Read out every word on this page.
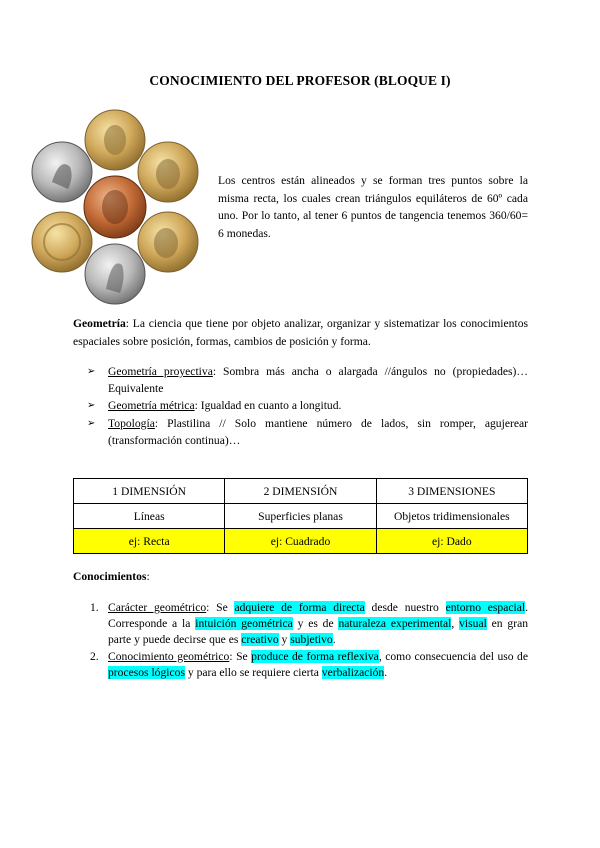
CONOCIMIENTO DEL PROFESOR (BLOQUE I)
Los centros están alineados y se forman tres puntos sobre la misma recta, los cuales crean triángulos equiláteros de 60º cada uno. Por lo tanto, al tener 6 puntos de tangencia tenemos 360/60= 6 monedas.
Geometría: La ciencia que tiene por objeto analizar, organizar y sistematizar los conocimientos espaciales sobre posición, formas, cambios de posición y forma.
➢ Geometría proyectiva: Sombra más ancha o alargada //ángulos no (propiedades)… Equivalente
➢ Geometría métrica: Igualdad en cuanto a longitud.
➢ Topología: Plastilina // Solo mantiene número de lados, sin romper, agujerear (transformación continua)…
1 DIMENSIÓN	2 DIMENSIÓN	3 DIMENSIONES
Líneas	Superficies planas	Objetos tridimensionales
ej: Recta	ej: Cuadrado	ej: Dado
Conocimientos:
1. Carácter geométrico: Se adquiere de forma directa desde nuestro entorno espacial. Corresponde a la intuición geométrica y es de naturaleza experimental, visual en gran parte y puede decirse que es creativo y subjetivo.
2. Conocimiento geométrico: Se produce de forma reflexiva, como consecuencia del uso de procesos lógicos y para ello se requiere cierta verbalización.
